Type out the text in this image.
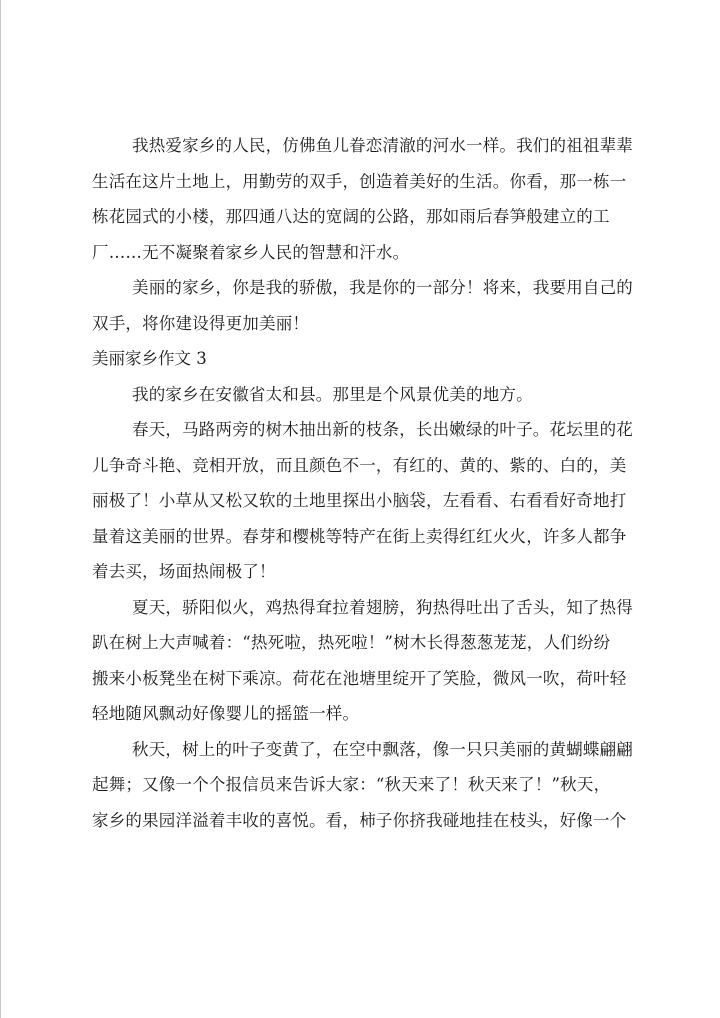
我热爱家乡的人民，仿佛鱼儿眷恋清澈的河水一样。我们的祖祖辈辈
生活在这片土地上，用勤劳的双手，创造着美好的生活。你看，那一栋一
栋花园式的小楼，那四通八达的宽阔的公路，那如雨后春笋般建立的工
厂……无不凝聚着家乡人民的智慧和汗水。

美丽的家乡，你是我的骄傲，我是你的一部分！将来，我要用自己的
双手，将你建设得更加美丽！

美丽家乡作文 3

我的家乡在安徽省太和县。那里是个风景优美的地方。

春天，马路两旁的树木抽出新的枝条，长出嫩绿的叶子。花坛里的花
儿争奇斗艳、竞相开放，而且颜色不一，有红的、黄的、紫的、白的，美
丽极了！小草从又松又软的土地里探出小脑袋，左看看、右看看好奇地打
量着这美丽的世界。春芽和樱桃等特产在街上卖得红红火火，许多人都争
着去买，场面热闹极了！

夏天，骄阳似火，鸡热得耷拉着翅膀，狗热得吐出了舌头，知了热得
趴在树上大声喊着：“热死啦，热死啦！”树木长得葱葱茏茏，人们纷纷
搬来小板凳坐在树下乘凉。荷花在池塘里绽开了笑脸，微风一吹，荷叶轻
轻地随风飘动好像婴儿的摇篮一样。

秋天，树上的叶子变黄了，在空中飘落，像一只只美丽的黄蝴蝶翩翩
起舞；又像一个个报信员来告诉大家：“秋天来了！秋天来了！”秋天，
家乡的果园洋溢着丰收的喜悦。看，柿子你挤我碰地挂在枝头，好像一个
